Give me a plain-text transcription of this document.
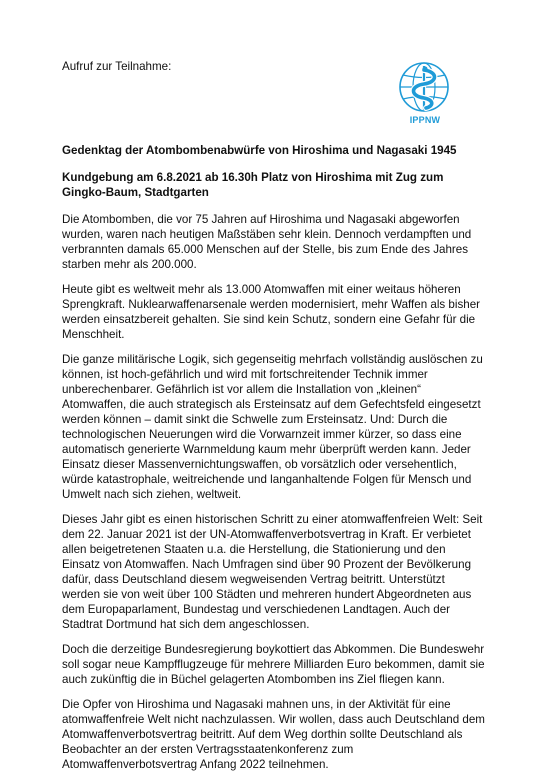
Aufruf zur Teilnahme:
IPPNW
Gedenktag der Atombombenabwürfe von Hiroshima und Nagasaki 1945
Kundgebung am 6.8.2021 ab 16.30h Platz von Hiroshima mit Zug zum Gingko-Baum, Stadtgarten

Die Atombomben, die vor 75 Jahren auf Hiroshima und Nagasaki abgeworfen wurden, waren nach heutigen Maßstäben sehr klein. Dennoch verdampften und verbrannten damals 65.000 Menschen auf der Stelle, bis zum Ende des Jahres starben mehr als 200.000.

Heute gibt es weltweit mehr als 13.000 Atomwaffen mit einer weitaus höheren Sprengkraft. Nuklearwaffenarsenale werden modernisiert, mehr Waffen als bisher werden einsatzbereit gehalten. Sie sind kein Schutz, sondern eine Gefahr für die Menschheit.

Die ganze militärische Logik, sich gegenseitig mehrfach vollständig auslöschen zu können, ist hoch-gefährlich und wird mit fortschreitender Technik immer unberechenbarer. Gefährlich ist vor allem die Installation von „kleinen“ Atomwaffen, die auch strategisch als Ersteinsatz auf dem Gefechtsfeld eingesetzt werden können – damit sinkt die Schwelle zum Ersteinsatz. Und: Durch die technologischen Neuerungen wird die Vorwarnzeit immer kürzer, so dass eine automatisch generierte Warnmeldung kaum mehr überprüft werden kann. Jeder Einsatz dieser Massenvernichtungswaffen, ob vorsätzlich oder versehentlich, würde katastrophale, weitreichende und langanhaltende Folgen für Mensch und Umwelt nach sich ziehen, weltweit.

Dieses Jahr gibt es einen historischen Schritt zu einer atomwaffenfreien Welt: Seit dem 22. Januar 2021 ist der UN-Atomwaffenverbotsvertrag in Kraft. Er verbietet allen beigetretenen Staaten u.a. die Herstellung, die Stationierung und den Einsatz von Atomwaffen. Nach Umfragen sind über 90 Prozent der Bevölkerung dafür, dass Deutschland diesem wegweisenden Vertrag beitritt. Unterstützt werden sie von weit über 100 Städten und mehreren hundert Abgeordneten aus dem Europaparlament, Bundestag und verschiedenen Landtagen. Auch der Stadtrat Dortmund hat sich dem angeschlossen.

Doch die derzeitige Bundesregierung boykottiert das Abkommen. Die Bundeswehr soll sogar neue Kampfflugzeuge für mehrere Milliarden Euro bekommen, damit sie auch zukünftig die in Büchel gelagerten Atombomben ins Ziel fliegen kann.

Die Opfer von Hiroshima und Nagasaki mahnen uns, in der Aktivität für eine atomwaffenfreie Welt nicht nachzulassen. Wir wollen, dass auch Deutschland dem Atomwaffenverbotsvertrag beitritt. Auf dem Weg dorthin sollte Deutschland als Beobachter an der ersten Vertragsstaatenkonferenz zum Atomwaffenverbotsvertrag Anfang 2022 teilnehmen.
